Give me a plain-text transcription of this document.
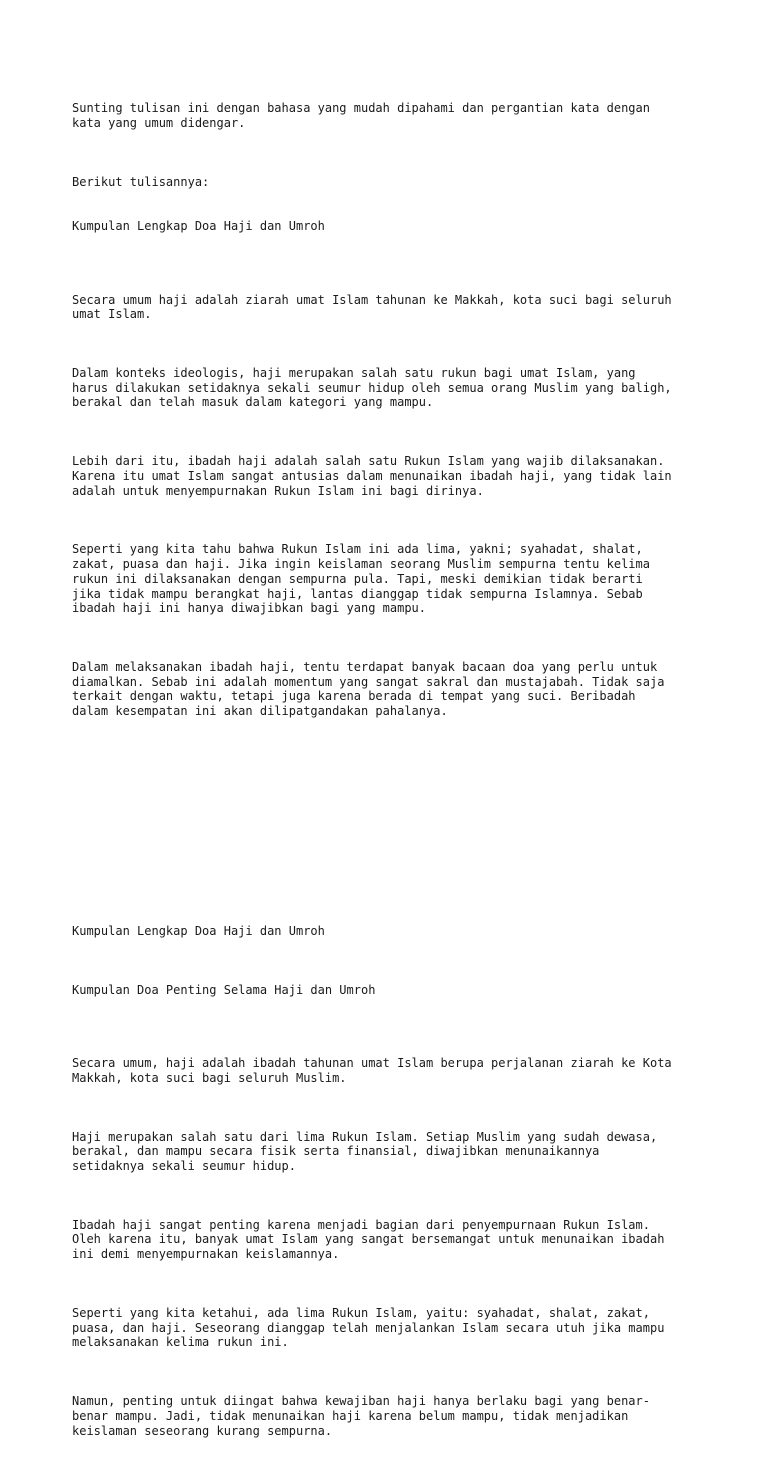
Sunting tulisan ini dengan bahasa yang mudah dipahami dan pergantian kata dengan
kata yang umum didengar.

Berikut tulisannya:

Kumpulan Lengkap Doa Haji dan Umroh

Secara umum haji adalah ziarah umat Islam tahunan ke Makkah, kota suci bagi seluruh
umat Islam.

Dalam konteks ideologis, haji merupakan salah satu rukun bagi umat Islam, yang
harus dilakukan setidaknya sekali seumur hidup oleh semua orang Muslim yang baligh,
berakal dan telah masuk dalam kategori yang mampu.

Lebih dari itu, ibadah haji adalah salah satu Rukun Islam yang wajib dilaksanakan.
Karena itu umat Islam sangat antusias dalam menunaikan ibadah haji, yang tidak lain
adalah untuk menyempurnakan Rukun Islam ini bagi dirinya.

Seperti yang kita tahu bahwa Rukun Islam ini ada lima, yakni; syahadat, shalat,
zakat, puasa dan haji. Jika ingin keislaman seorang Muslim sempurna tentu kelima
rukun ini dilaksanakan dengan sempurna pula. Tapi, meski demikian tidak berarti
jika tidak mampu berangkat haji, lantas dianggap tidak sempurna Islamnya. Sebab
ibadah haji ini hanya diwajibkan bagi yang mampu.

Dalam melaksanakan ibadah haji, tentu terdapat banyak bacaan doa yang perlu untuk
diamalkan. Sebab ini adalah momentum yang sangat sakral dan mustajabah. Tidak saja
terkait dengan waktu, tetapi juga karena berada di tempat yang suci. Beribadah
dalam kesempatan ini akan dilipatgandakan pahalanya.

Kumpulan Lengkap Doa Haji dan Umroh

Kumpulan Doa Penting Selama Haji dan Umroh

Secara umum, haji adalah ibadah tahunan umat Islam berupa perjalanan ziarah ke Kota
Makkah, kota suci bagi seluruh Muslim.

Haji merupakan salah satu dari lima Rukun Islam. Setiap Muslim yang sudah dewasa,
berakal, dan mampu secara fisik serta finansial, diwajibkan menunaikannya
setidaknya sekali seumur hidup.

Ibadah haji sangat penting karena menjadi bagian dari penyempurnaan Rukun Islam.
Oleh karena itu, banyak umat Islam yang sangat bersemangat untuk menunaikan ibadah
ini demi menyempurnakan keislamannya.

Seperti yang kita ketahui, ada lima Rukun Islam, yaitu: syahadat, shalat, zakat,
puasa, dan haji. Seseorang dianggap telah menjalankan Islam secara utuh jika mampu
melaksanakan kelima rukun ini.

Namun, penting untuk diingat bahwa kewajiban haji hanya berlaku bagi yang benar-
benar mampu. Jadi, tidak menunaikan haji karena belum mampu, tidak menjadikan
keislaman seseorang kurang sempurna.
